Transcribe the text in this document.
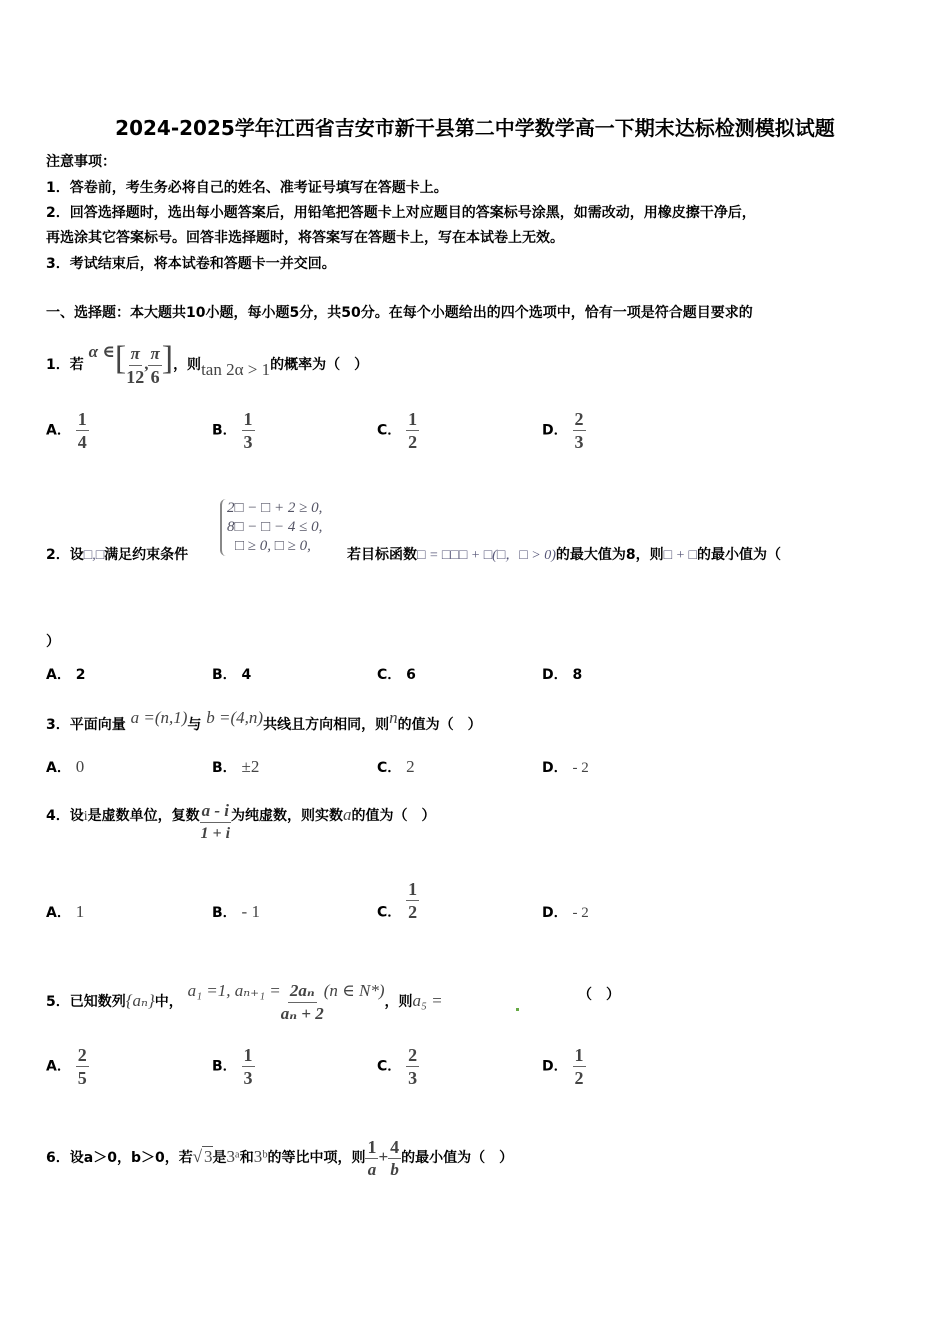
2024-2025学年江西省吉安市新干县第二中学数学高一下期末达标检测模拟试题
注意事项：
1．答卷前，考生务必将自己的姓名、准考证号填写在答题卡上。
2．回答选择题时，选出每小题答案后，用铅笔把答题卡上对应题目的答案标号涂黑，如需改动，用橡皮擦干净后，
再选涂其它答案标号。回答非选择题时，将答案写在答题卡上，写在本试卷上无效。
3．考试结束后，将本试卷和答题卡一并交回。
一、选择题：本大题共10小题，每小题5分，共50分。在每个小题给出的四个选项中，恰有一项是符合题目要求的
1．若 α ∈[ $\frac{\pi}{12}$ , $\frac{\pi}{6}$ ]，则tan 2α > 1的概率为（　）
A． $\frac{1}{4}$	B． $\frac{1}{3}$	C． $\frac{1}{2}$	D． $\frac{2}{3}$
2□ − □ + 2 ≥ 0,
8□ − □ − 4 ≤ 0,
□ ≥ 0, □ ≥ 0,
2．设□,□满足约束条件	若目标函数□ = □□□ + □(□，□ > 0)的最大值为8，则□ + □的最小值为（
）
A． 2	B． 4	C． 6	D． 8
3．平面向量 a =(n,1)与 b =(4,n)共线且方向相同，则n的值为（　）
A． 0	B． ±2	C． 2	D． - 2
4．设i是虚数单位，复数 $\frac{a - i}{1 + i}$ 为纯虚数，则实数a的值为（　）
A． 1	B． - 1	C． $\frac{1}{2}$	D． - 2
5．已知数列{aₙ}中， a₁ =1, $a_{n+1} = \frac{\text{2aₙ}}{\text{aₙ + 2}} (n$ ∈ N*)，则a₅ =	（　）
A． $\frac{2}{5}$	B． $\frac{1}{3}$	C． $\frac{2}{3}$	D． $\frac{1}{2}$
6．设a＞0，b＞0，若√ 3是3ᵃ和3ᵇ的等比中项，则 $\frac{1}{a} + \frac{4}{b}$ 的最小值为（　）
